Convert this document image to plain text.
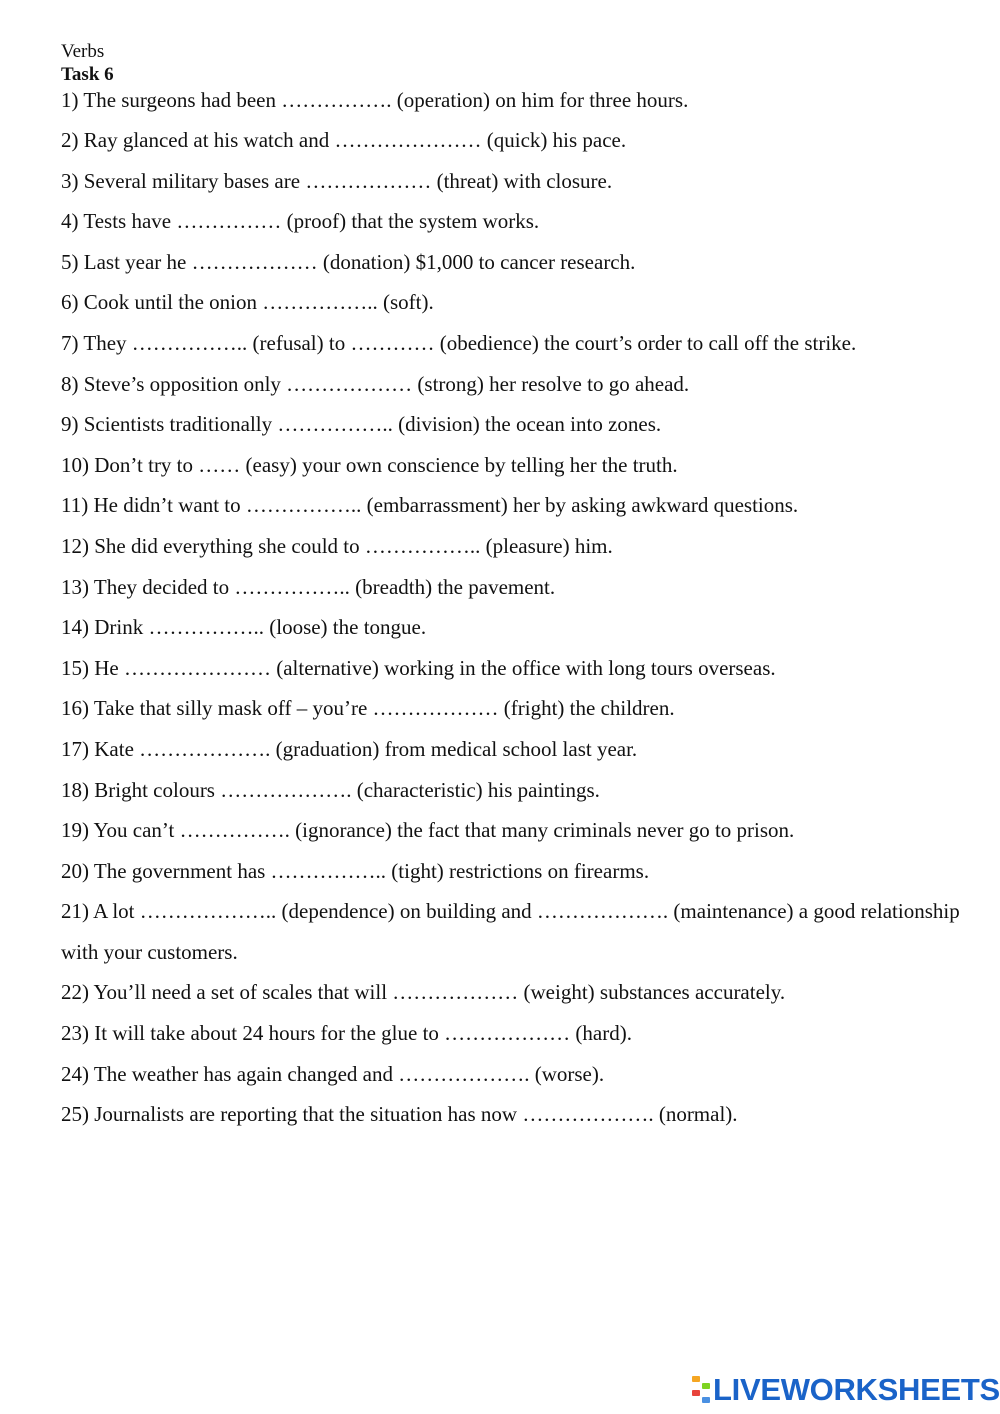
Verbs
Task 6
1) The surgeons had been ……………. (operation) on him for three hours.
2) Ray glanced at his watch and ………………… (quick) his pace.
3) Several military bases are ……………… (threat) with closure.
4) Tests have …………… (proof) that the system works.
5) Last year he ……………… (donation) $1,000 to cancer research.
6) Cook until the onion …………….. (soft).
7) They …………….. (refusal) to ………… (obedience) the court’s order to call off the strike.
8) Steve’s opposition only ……………… (strong) her resolve to go ahead.
9) Scientists traditionally …………….. (division) the ocean into zones.
10) Don’t try to …… (easy) your own conscience by telling her the truth.
11) He didn’t want to …………….. (embarrassment) her by asking awkward questions.
12) She did everything she could to …………….. (pleasure) him.
13) They decided to …………….. (breadth) the pavement.
14) Drink …………….. (loose) the tongue.
15) He ………………… (alternative) working in the office with long tours overseas.
16) Take that silly mask off – you’re ……………… (fright) the children.
17) Kate ………………. (graduation) from medical school last year.
18) Bright colours ………………. (characteristic) his paintings.
19) You can’t ……………. (ignorance) the fact that many criminals never go to prison.
20) The government has …………….. (tight) restrictions on firearms.
21) A lot ……………….. (dependence) on building and ………………. (maintenance) a good relationship with your customers.
22) You’ll need a set of scales that will ……………… (weight) substances accurately.
23) It will take about 24 hours for the glue to ……………… (hard).
24) The weather has again changed and ………………. (worse).
25) Journalists are reporting that the situation has now ………………. (normal).
LIVEWORKSHEETS
